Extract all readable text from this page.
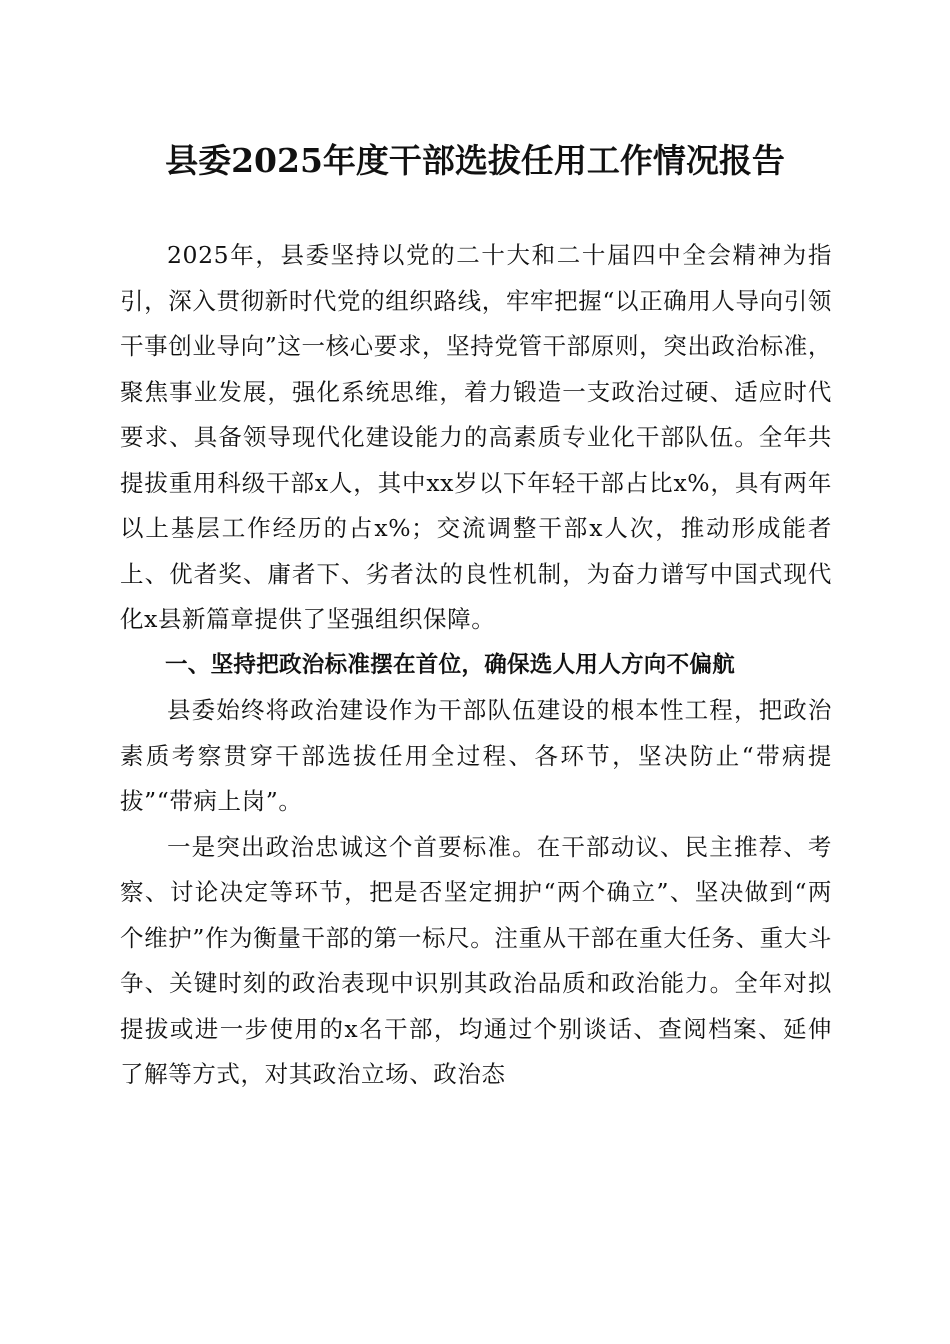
县委2025年度干部选拔任用工作情况报告

2025年，县委坚持以党的二十大和二十届四中全会精神为指引，深入贯彻新时代党的组织路线，牢牢把握“以正确用人导向引领干事创业导向”这一核心要求，坚持党管干部原则，突出政治标准，聚焦事业发展，强化系统思维，着力锻造一支政治过硬、适应时代要求、具备领导现代化建设能力的高素质专业化干部队伍。全年共提拔重用科级干部x人，其中xx岁以下年轻干部占比x%，具有两年以上基层工作经历的占x%；交流调整干部x人次，推动形成能者上、优者奖、庸者下、劣者汰的良性机制，为奋力谱写中国式现代化x县新篇章提供了坚强组织保障。

一、坚持把政治标准摆在首位，确保选人用人方向不偏航

县委始终将政治建设作为干部队伍建设的根本性工程，把政治素质考察贯穿干部选拔任用全过程、各环节，坚决防止“带病提拔”“带病上岗”。

一是突出政治忠诚这个首要标准。在干部动议、民主推荐、考察、讨论决定等环节，把是否坚定拥护“两个确立”、坚决做到“两个维护”作为衡量干部的第一标尺。注重从干部在重大任务、重大斗争、关键时刻的政治表现中识别其政治品质和政治能力。全年对拟提拔或进一步使用的x名干部，均通过个别谈话、查阅档案、延伸了解等方式，对其政治立场、政治态
